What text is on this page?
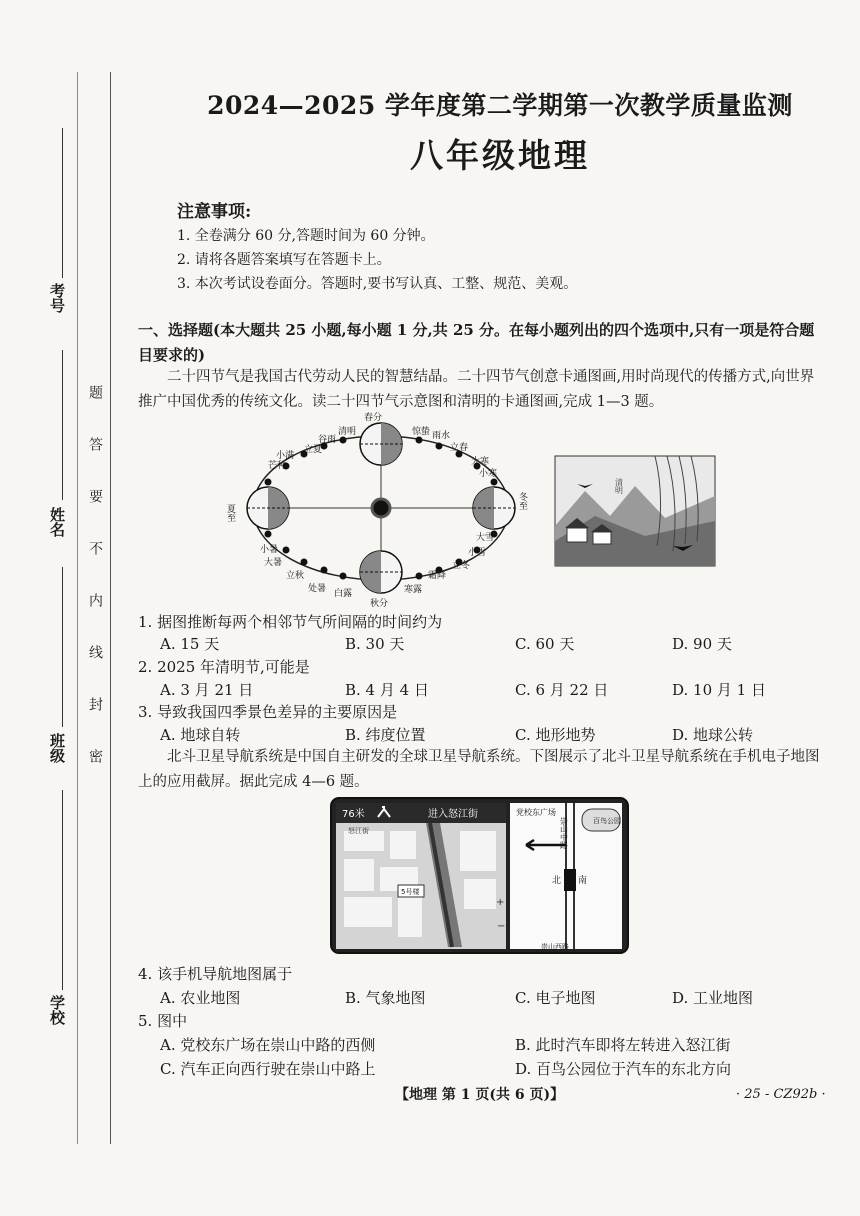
考号
姓名
班级
学校
题
答
要
不
内
线
封
密
2024—2025 学年度第二学期第一次教学质量监测
八年级地理
注意事项:
1. 全卷满分 60 分,答题时间为 60 分钟。
2. 请将各题答案填写在答题卡上。
3. 本次考试设卷面分。答题时,要书写认真、工整、规范、美观。
一、选择题(本大题共 25 小题,每小题 1 分,共 25 分。在每小题列出的四个选项中,只有一项是符合题目要求的)
二十四节气是我国古代劳动人民的智慧结晶。二十四节气创意卡通图画,用时尚现代的传播方式,向世界推广中国优秀的传统文化。读二十四节气示意图和清明的卡通图画,完成 1—3 题。
春分
秋分
夏至
冬至
清明
谷雨
立夏
小满
芒种
惊蛰 雨水
立春
大寒
小寒
小暑
大暑
立秋
处暑 白露
大雪
小雪
立冬
霜降
寒露
清明
1. 据图推断每两个相邻节气所间隔的时间约为
A. 15 天	B. 30 天	C. 60 天	D. 90 天
2. 2025 年清明节,可能是
A. 3 月 21 日	B. 4 月 4 日	C. 6 月 22 日	D. 10 月 1 日
3. 导致我国四季景色差异的主要原因是
A. 地球自转	B. 纬度位置	C. 地形地势	D. 地球公转
北斗卫星导航系统是中国自主研发的全球卫星导航系统。下图展示了北斗卫星导航系统在手机电子地图上的应用截屏。据此完成 4—6 题。
76米	进入怒江街
怒江街
5号楼
+
−
党校东广场
崇山中路	百鸟公园
北 南
崇山西路
4. 该手机导航地图属于
A. 农业地图	B. 气象地图	C. 电子地图	D. 工业地图
5. 图中
A. 党校东广场在崇山中路的西侧	B. 此时汽车即将左转进入怒江街
C. 汽车正向西行驶在崇山中路上	D. 百鸟公园位于汽车的东北方向
【地理 第 1 页(共 6 页)】	· 25 - CZ92b ·
